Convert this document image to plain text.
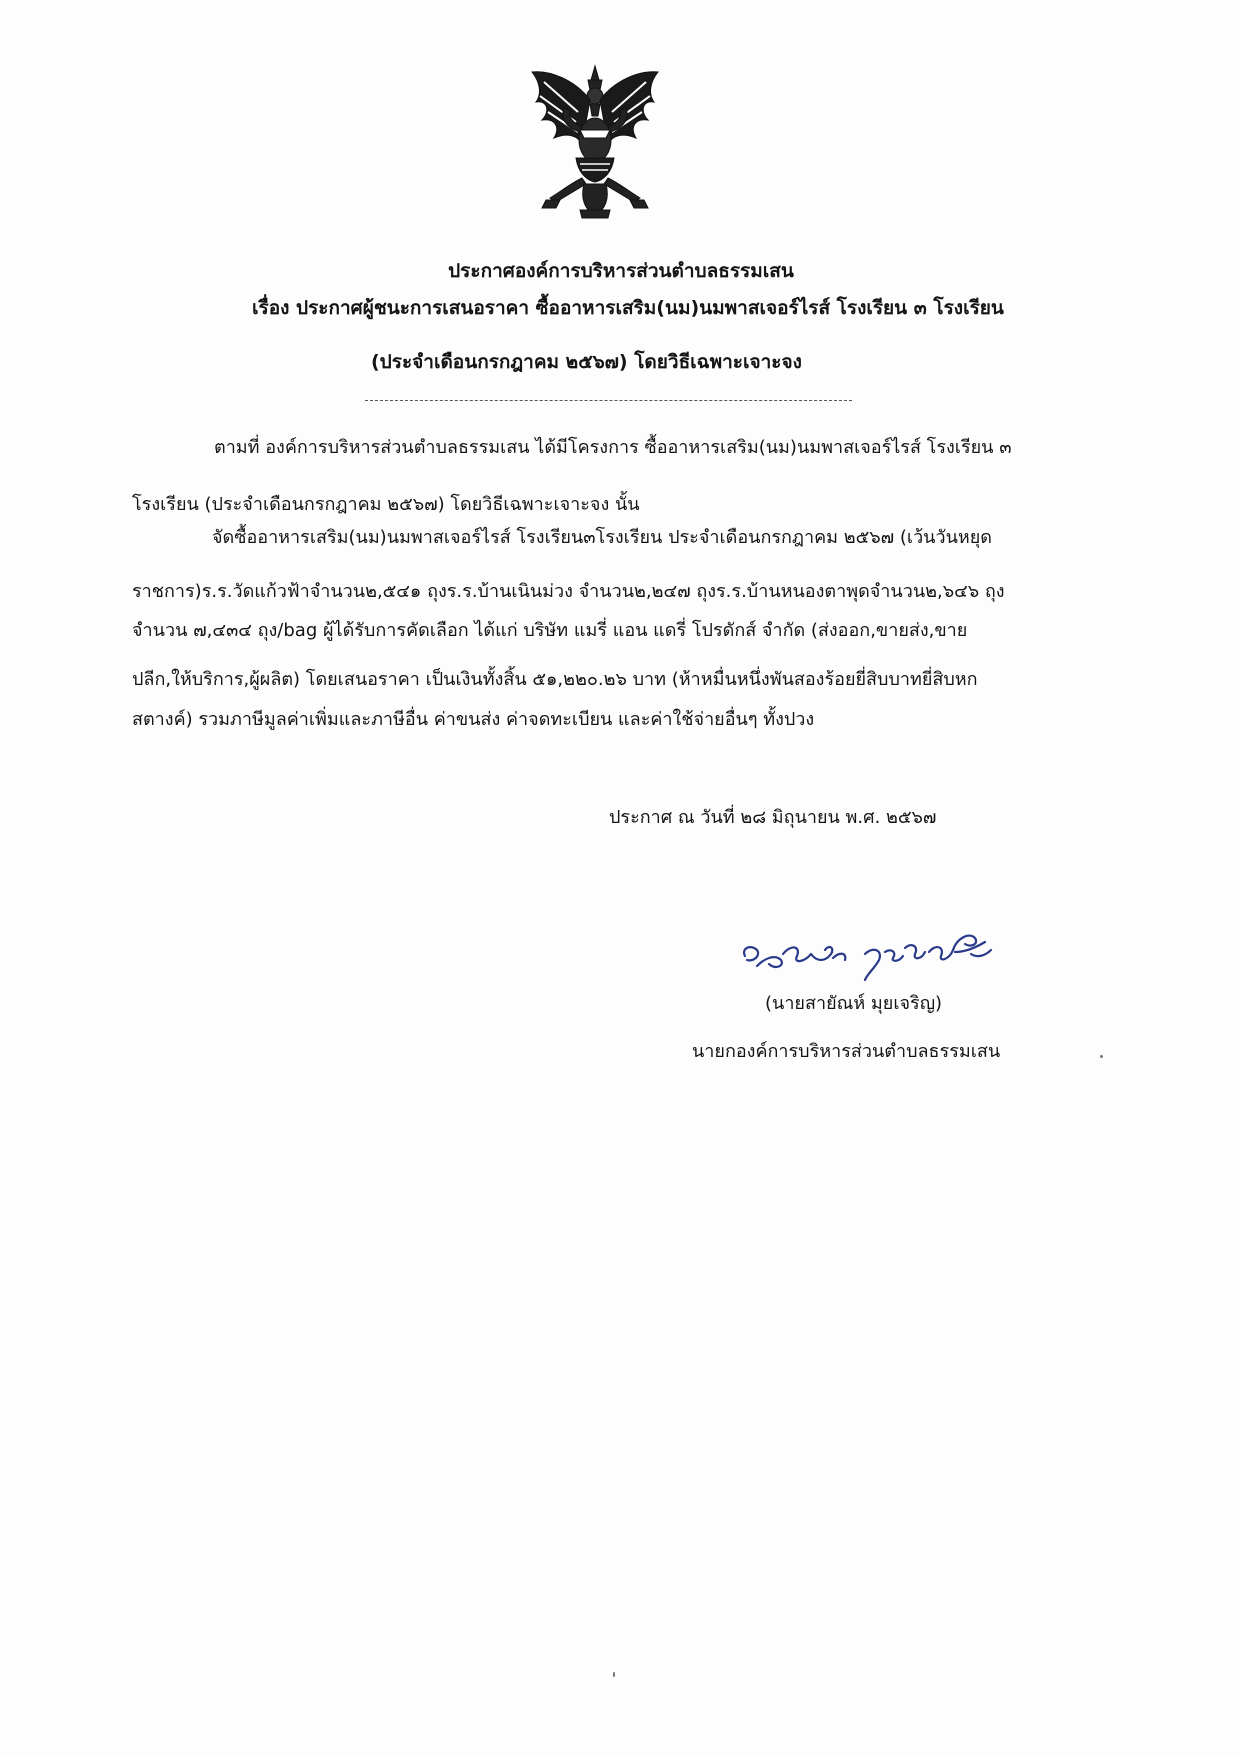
ประกาศองค์การบริหารส่วนตำบลธรรมเสน
เรื่อง ประกาศผู้ชนะการเสนอราคา ซื้ออาหารเสริม(นม)นมพาสเจอร์ไรส์ โรงเรียน ๓ โรงเรียน
(ประจำเดือนกรกฎาคม ๒๕๖๗) โดยวิธีเฉพาะเจาะจง
ตามที่ องค์การบริหารส่วนตำบลธรรมเสน ได้มีโครงการ ซื้ออาหารเสริม(นม)นมพาสเจอร์ไรส์ โรงเรียน ๓
โรงเรียน (ประจำเดือนกรกฎาคม ๒๕๖๗) โดยวิธีเฉพาะเจาะจง นั้น
จัดซื้ออาหารเสริม(นม)นมพาสเจอร์ไรส์ โรงเรียน๓โรงเรียน ประจำเดือนกรกฎาคม ๒๕๖๗ (เว้นวันหยุด
ราชการ)ร.ร.วัดแก้วฟ้าจำนวน๒,๕๔๑ ถุงร.ร.บ้านเนินม่วง จำนวน๒,๒๔๗ ถุงร.ร.บ้านหนองตาพุดจำนวน๒,๖๔๖ ถุง
จำนวน ๗,๔๓๔ ถุง/bag ผู้ได้รับการคัดเลือก ได้แก่ บริษัท แมรี่ แอน แดรี่ โปรดักส์ จำกัด (ส่งออก,ขายส่ง,ขาย
ปลีก,ให้บริการ,ผู้ผลิต) โดยเสนอราคา เป็นเงินทั้งสิ้น ๕๑,๒๒๐.๒๖ บาท (ห้าหมื่นหนึ่งพันสองร้อยยี่สิบบาทยี่สิบหก
สตางค์) รวมภาษีมูลค่าเพิ่มและภาษีอื่น ค่าขนส่ง ค่าจดทะเบียน และค่าใช้จ่ายอื่นๆ ทั้งปวง
ประกาศ ณ วันที่ ๒๘ มิถุนายน พ.ศ. ๒๕๖๗
(นายสายัณห์ มุยเจริญ)
นายกองค์การบริหารส่วนตำบลธรรมเสน
